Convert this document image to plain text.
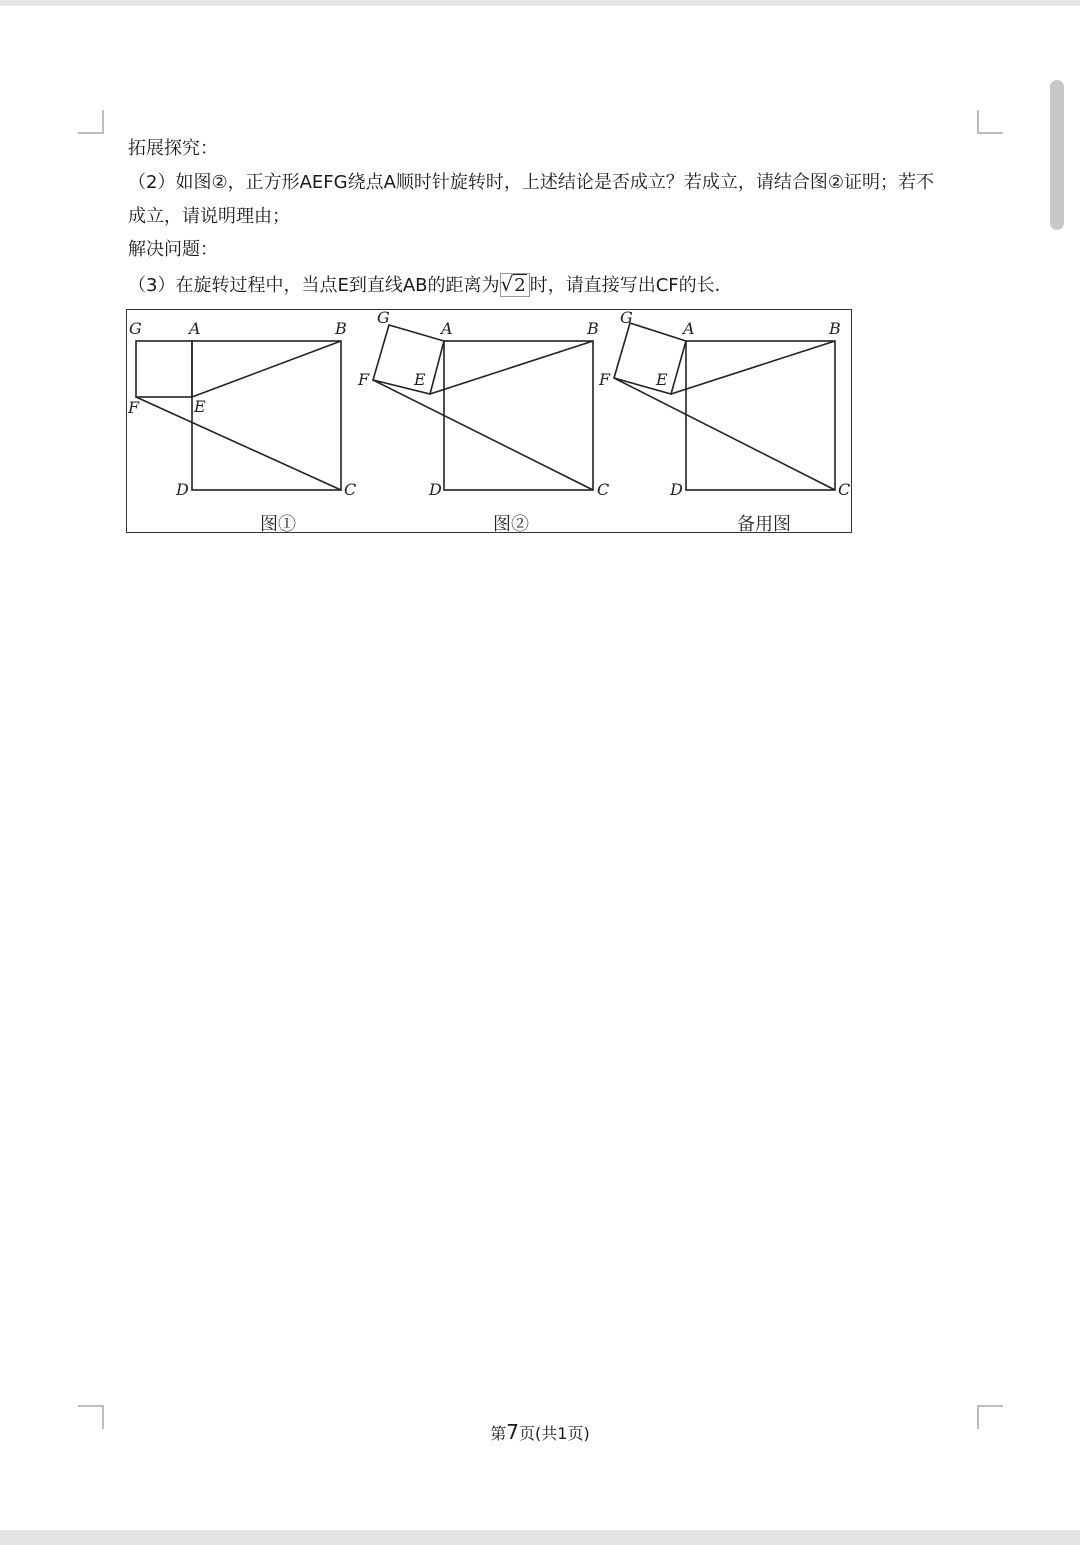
拓展探究：
（2）如图②，正方形AEFG绕点A顺时针旋转时，上述结论是否成立？若成立，请结合图②证明；若不
成立，请说明理由；
解决问题：
（3）在旋转过程中，当点E到直线AB的距离为√2 时，请直接写出CF的长．
G	A	B
F	E
D	C
G
A	B
F	E
D	C
G
A	B
F	E
D	C
图①	图②	备用图
第7页(共1页)
